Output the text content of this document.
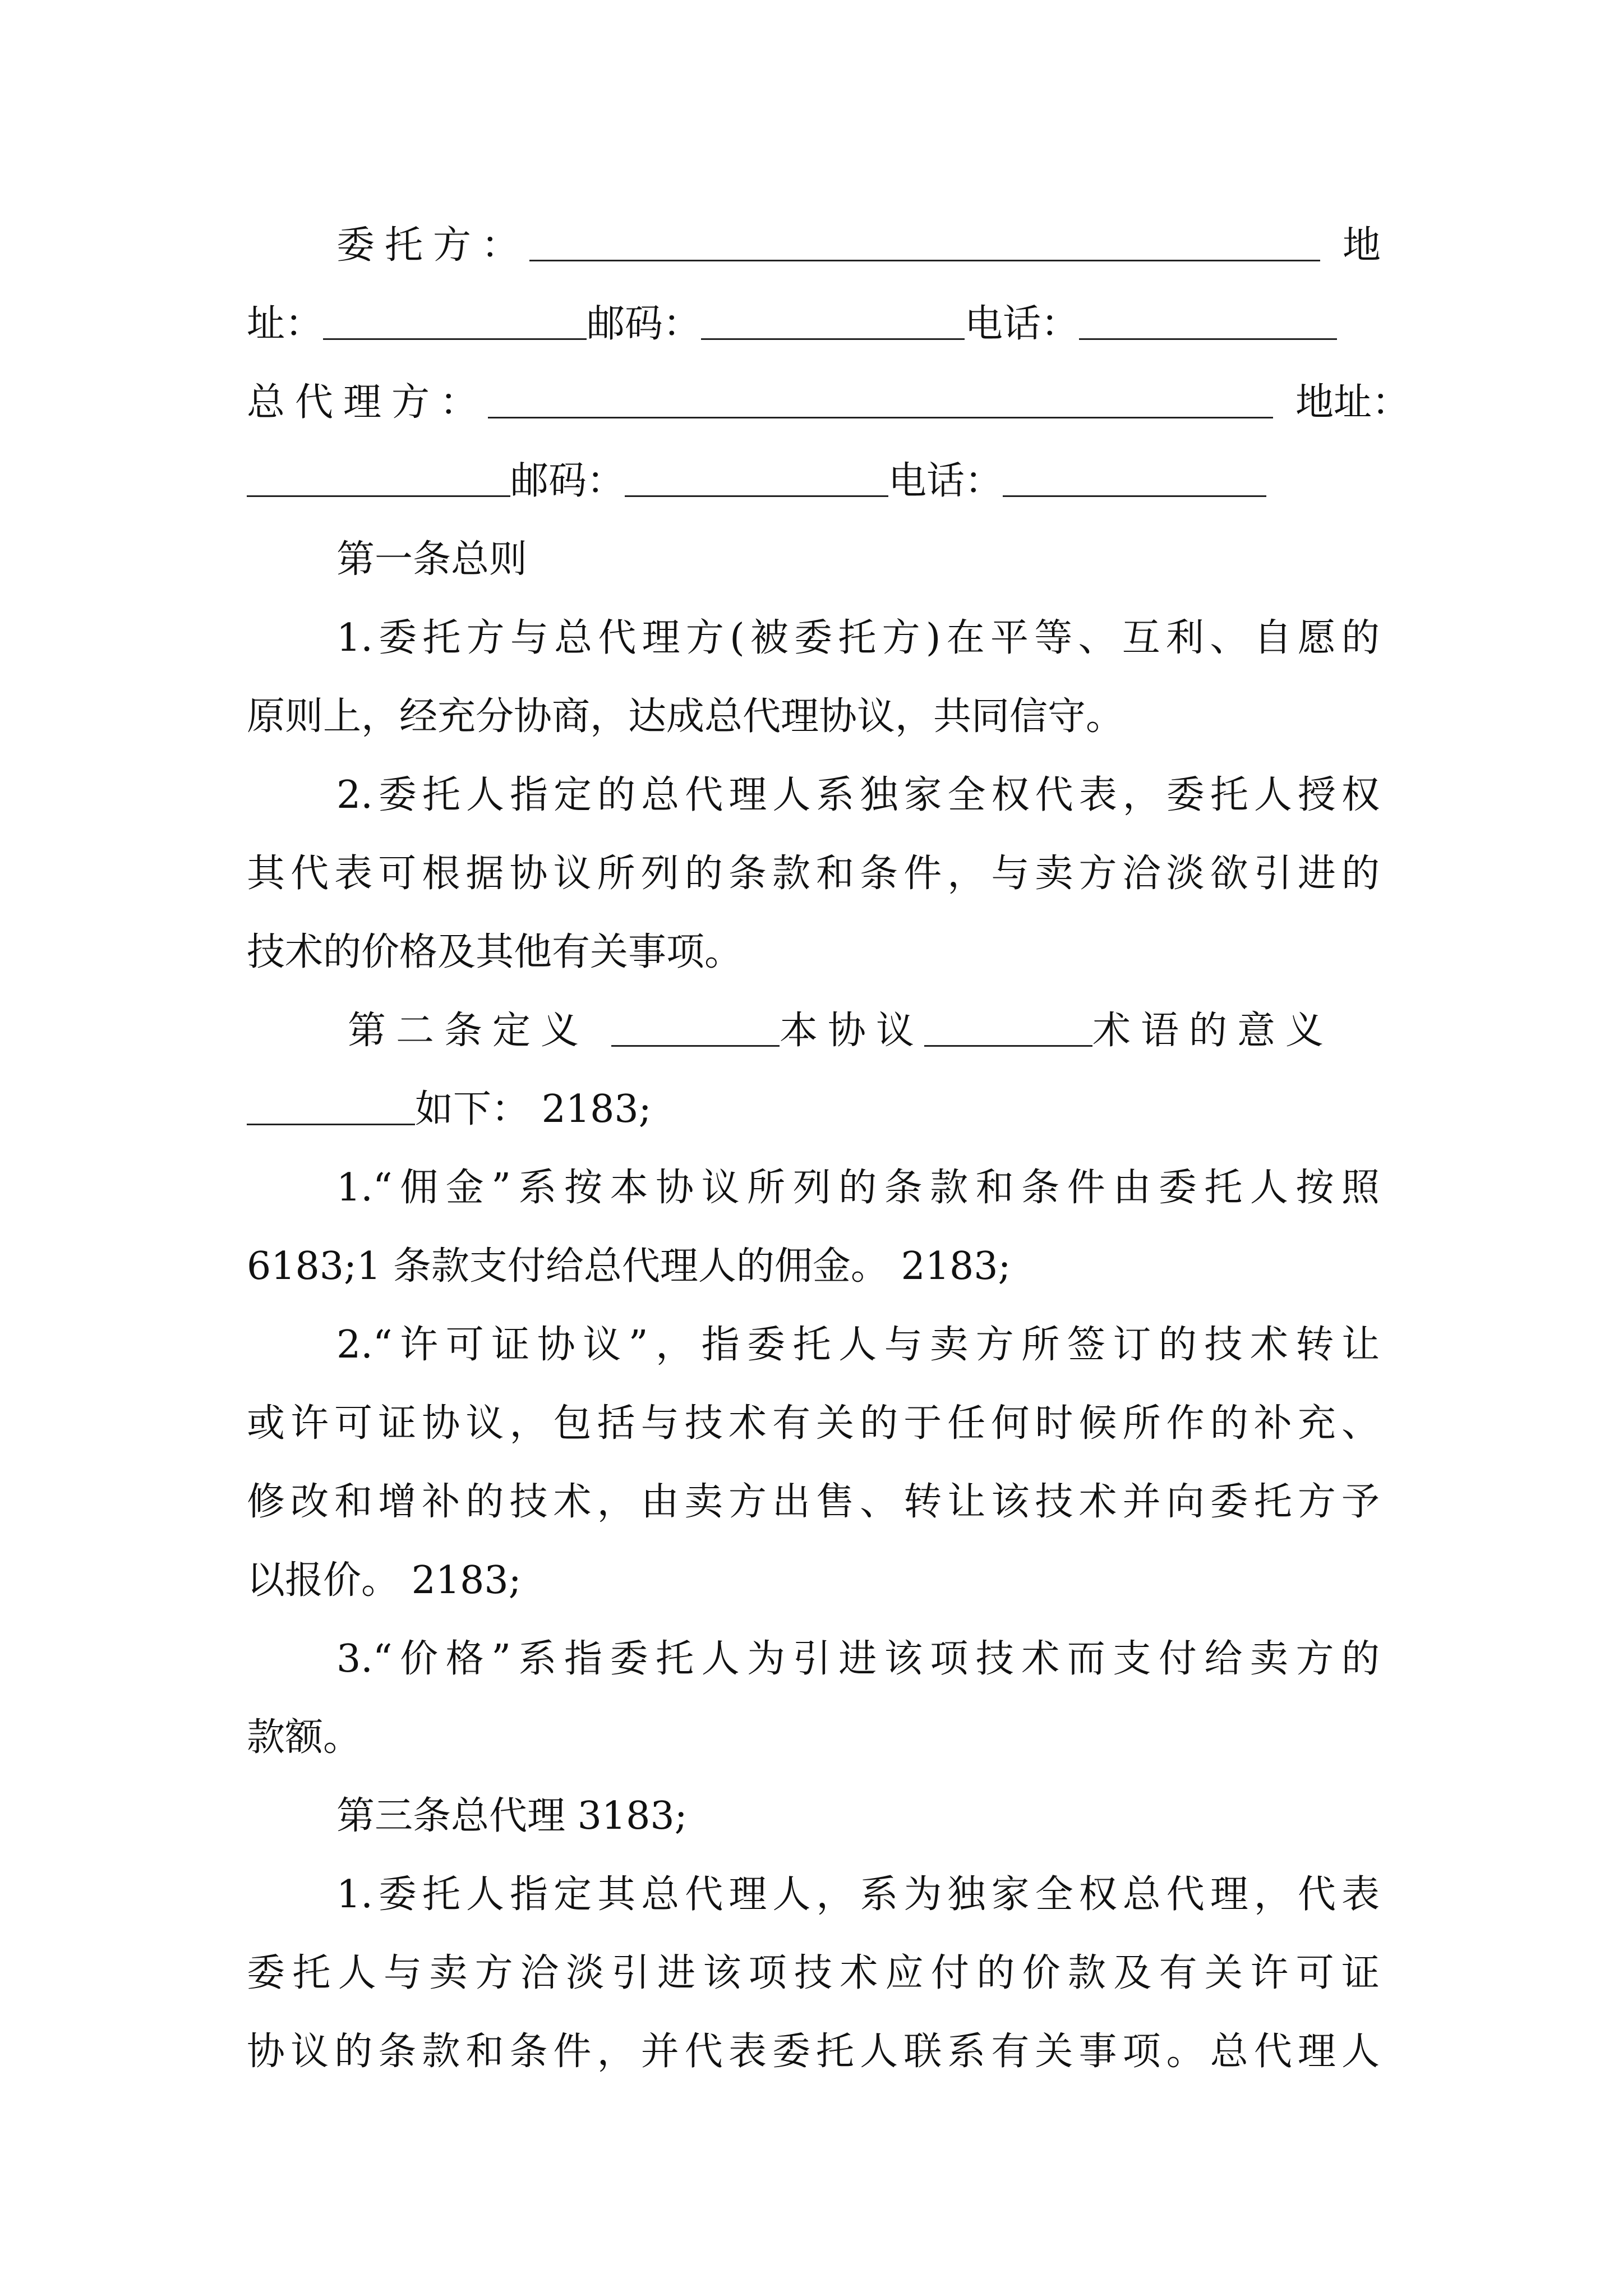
委托方：	地
址：	邮码：	电话：
总代理方：	地址：
邮码：	电话：
第一条总则
1.委托方与总代理方(被委托方)在平等、互利、自愿的
原则上，经充分协商，达成总代理协议，共同信守。
2.委托人指定的总代理人系独家全权代表，委托人授权
其代表可根据协议所列的条款和条件，与卖方洽淡欲引进的
技术的价格及其他有关事项。
第二条定义	本协议	术语的意义
如下： 2183;
1.“佣金”系按本协议所列的条款和条件由委托人按照
6183;1 条款支付给总代理人的佣金。 2183;
2.“许可证协议”，指委托人与卖方所签订的技术转让
或许可证协议，包括与技术有关的于任何时候所作的补充、
修改和增补的技术，由卖方出售、转让该技术并向委托方予
以报价。 2183;
3.“价格”系指委托人为引进该项技术而支付给卖方的
款额。
第三条总代理 3183;
1.委托人指定其总代理人，系为独家全权总代理，代表
委托人与卖方洽淡引进该项技术应付的价款及有关许可证
协议的条款和条件，并代表委托人联系有关事项。总代理人
